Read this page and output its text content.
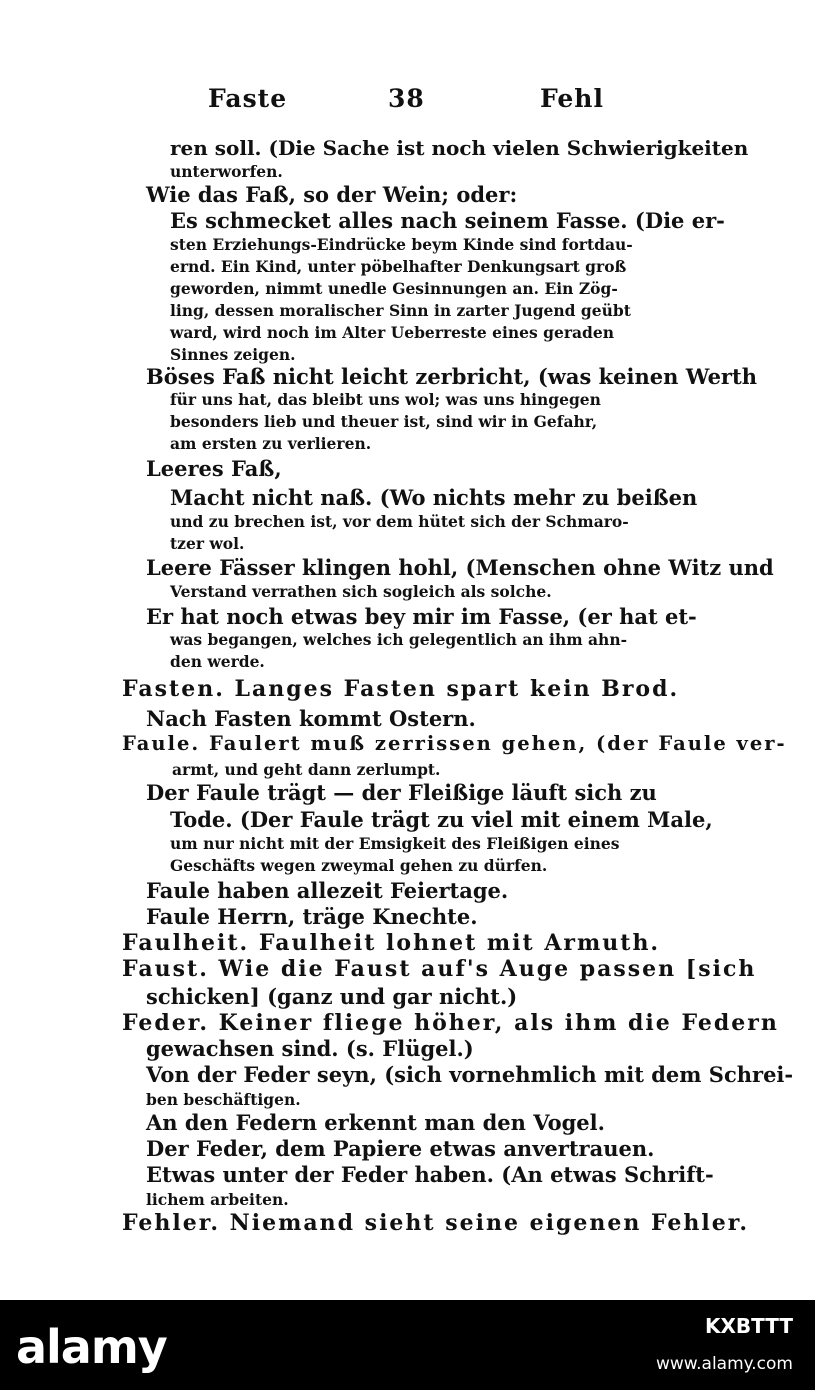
Faste	38	Fehl
ren soll. (Die Sache ist noch vielen Schwierigkeiten
unterworfen.
Wie das Faß, so der Wein; oder:
Es schmecket alles nach seinem Fasse. (Die er-
sten Erziehungs-Eindrücke beym Kinde sind fortdau-
ernd. Ein Kind, unter pöbelhafter Denkungsart groß
geworden, nimmt unedle Gesinnungen an. Ein Zög-
ling, dessen moralischer Sinn in zarter Jugend geübt
ward, wird noch im Alter Ueberreste eines geraden
Sinnes zeigen.
Böses Faß nicht leicht zerbricht, (was keinen Werth
für uns hat, das bleibt uns wol; was uns hingegen
besonders lieb und theuer ist, sind wir in Gefahr,
am ersten zu verlieren.
Leeres Faß,
Macht nicht naß. (Wo nichts mehr zu beißen
und zu brechen ist, vor dem hütet sich der Schmaro-
tzer wol.
Leere Fässer klingen hohl, (Menschen ohne Witz und
Verstand verrathen sich sogleich als solche.
Er hat noch etwas bey mir im Fasse, (er hat et-
was begangen, welches ich gelegentlich an ihm ahn-
den werde.
Fasten. Langes Fasten spart kein Brod.
Nach Fasten kommt Ostern.
Faule. Faulert muß zerrissen gehen, (der Faule ver-
armt, und geht dann zerlumpt.
Der Faule trägt — der Fleißige läuft sich zu
Tode. (Der Faule trägt zu viel mit einem Male,
um nur nicht mit der Emsigkeit des Fleißigen eines
Geschäfts wegen zweymal gehen zu dürfen.
Faule haben allezeit Feiertage.
Faule Herrn, träge Knechte.
Faulheit. Faulheit lohnet mit Armuth.
Faust. Wie die Faust auf's Auge passen [sich
schicken] (ganz und gar nicht.)
Feder. Keiner fliege höher, als ihm die Federn
gewachsen sind. (s. Flügel.)
Von der Feder seyn, (sich vornehmlich mit dem Schrei-
ben beschäftigen.
An den Federn erkennt man den Vogel.
Der Feder, dem Papiere etwas anvertrauen.
Etwas unter der Feder haben. (An etwas Schrift-
lichem arbeiten.
Fehler. Niemand sieht seine eigenen Fehler.
alamy	KXBTTT
www.alamy.com
